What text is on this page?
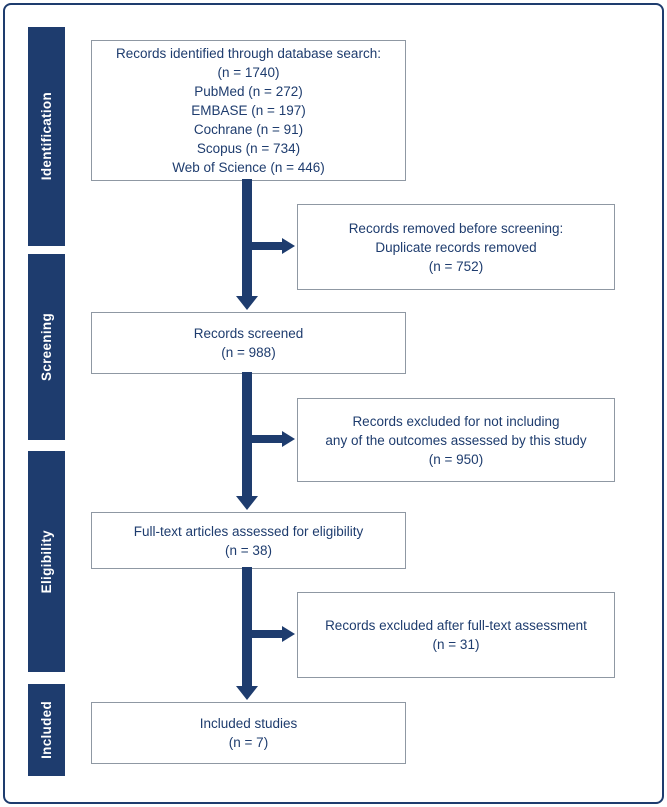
Identification
Screening
Eligibility
Included
Records identified through database search:
(n = 1740)
PubMed (n = 272)
EMBASE (n = 197)
Cochrane (n = 91)
Scopus (n = 734)
Web of Science (n = 446)
Records removed before screening:
Duplicate records removed
(n = 752)
Records screened
(n = 988)
Records excluded for not including
any of the outcomes assessed by this study
(n = 950)
Full-text articles assessed for eligibility
(n = 38)
Records excluded after full-text assessment
(n = 31)
Included studies
(n = 7)
